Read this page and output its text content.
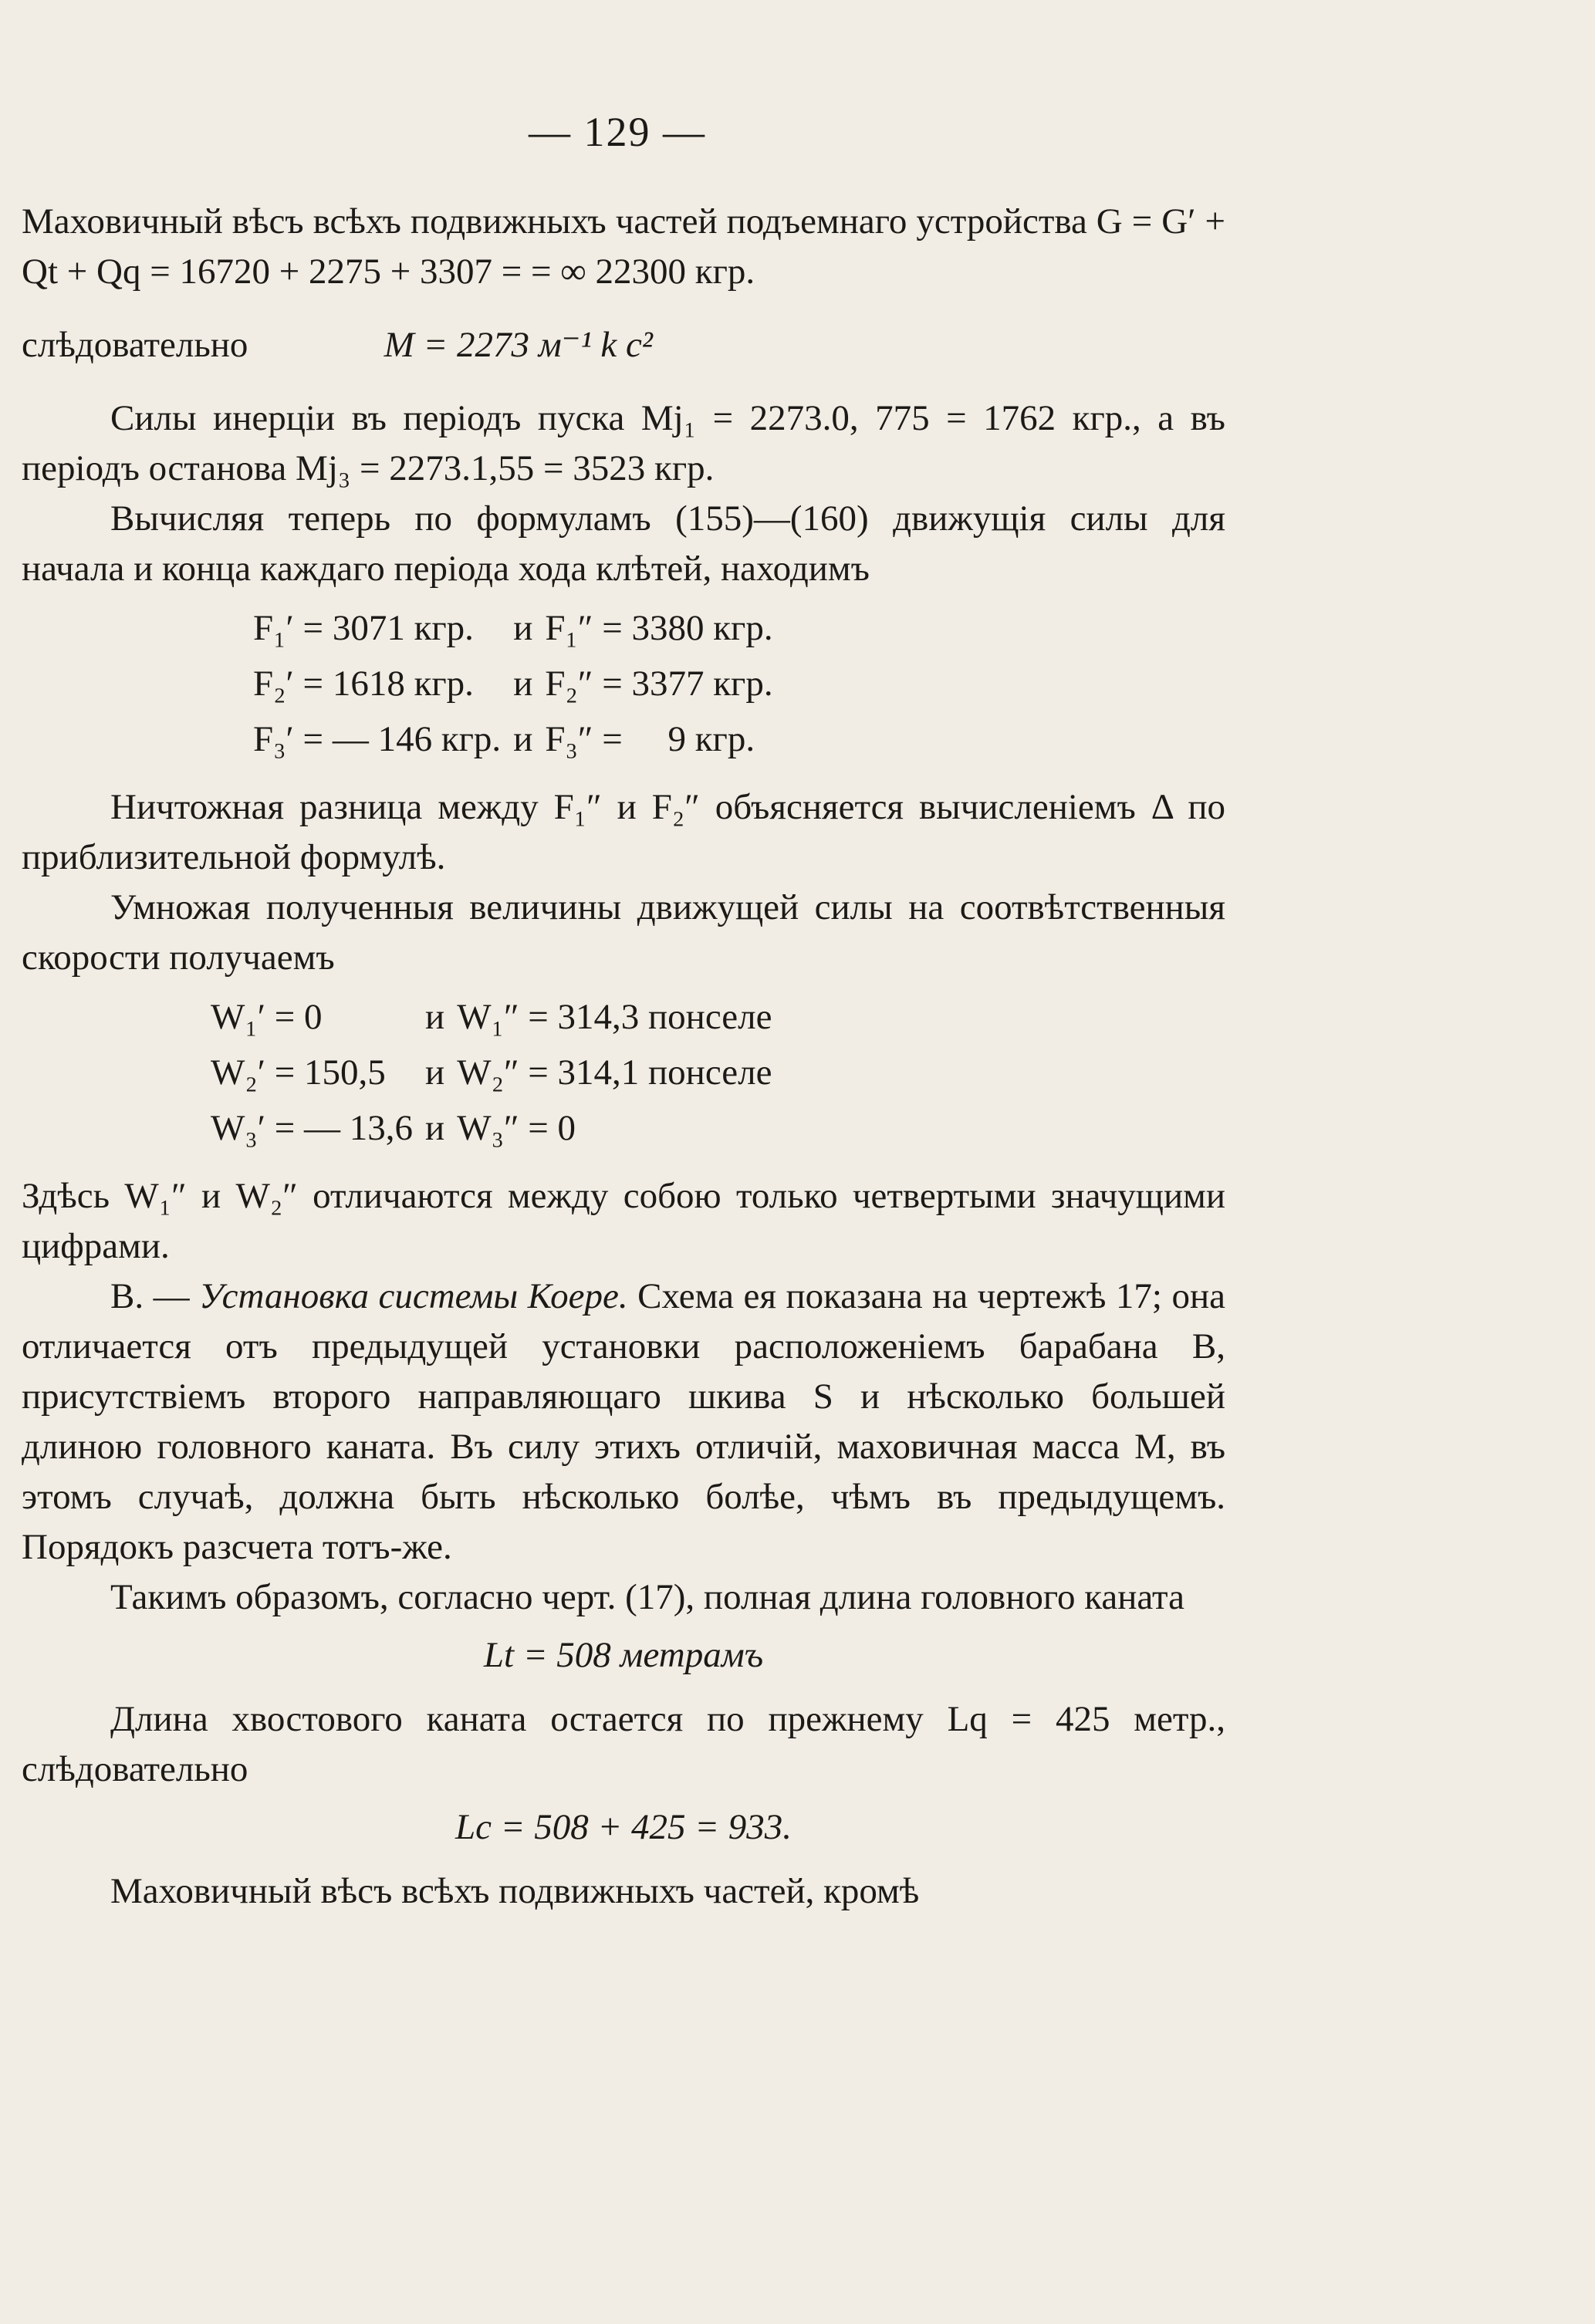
— 129 —

Маховичный вѣсъ всѣхъ подвижныхъ частей подъемнаго устройства G = G′ + Qt + Qq = 16720 + 2275 + 3307 = = ∞ 22300 кгр.

слѣдовательно	M = 2273 м⁻¹ k c²

Силы инерціи въ періодъ пуска Mj₁ = 2273.0, 775 = 1762 кгр., а въ періодъ останова Mj₃ = 2273.1,55 = 3523 кгр.

Вычисляя теперь по формуламъ (155)—(160) движущія силы для начала и конца каждаго періода хода клѣтей, находимъ

F₁′ = 3071 кгр.	и	F₁″ = 3380 кгр.
F₂′ = 1618 кгр.	и	F₂″ = 3377 кгр.
F₃′ = — 146 кгр.	и	F₃″ =     9 кгр.

Ничтожная разница между F₁″ и F₂″ объясняется вычисленіемъ Δ по приблизительной формулѣ.

Умножая полученныя величины движущей силы на соотвѣтственныя скорости получаемъ

W₁′ = 0	и	W₁″ = 314,3 понселе
W₂′ = 150,5	и	W₂″ = 314,1 понселе
W₃′ = — 13,6	и	W₃″ = 0

Здѣсь W₁″ и W₂″ отличаются между собою только четвертыми значущими цифрами.

B. — Установка системы Коере. Схема ея показана на чертежѣ 17; она отличается отъ предыдущей установки расположеніемъ барабана B, присутствіемъ второго направляющаго шкива S и нѣсколько большей длиною головного каната. Въ силу этихъ отличій, маховичная масса M, въ этомъ случаѣ, должна быть нѣсколько болѣе, чѣмъ въ предыдущемъ. Порядокъ разсчета тотъ-же.

Такимъ образомъ, согласно черт. (17), полная длина головного каната

Lt = 508 метрамъ

Длина хвостового каната остается по прежнему Lq = 425 метр., слѣдовательно

Lc = 508 + 425 = 933.

Маховичный вѣсъ всѣхъ подвижныхъ частей, кромѣ
